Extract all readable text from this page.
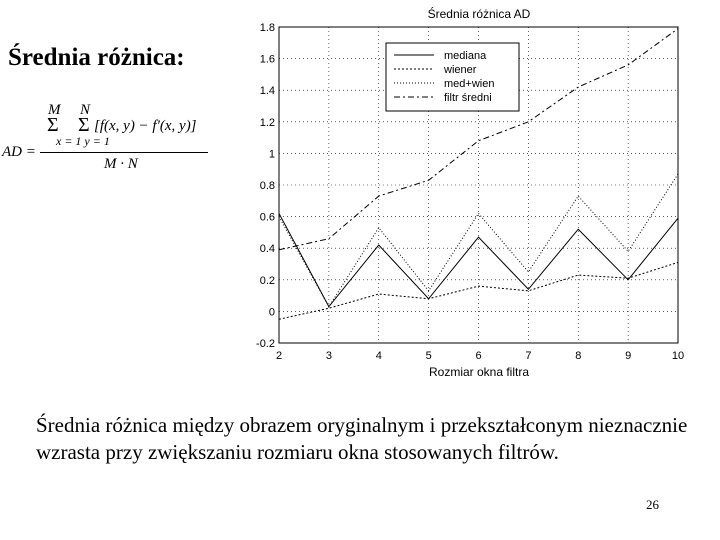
Średnia różnica:
M N
Σ Σ [f(x, y) − f′(x, y)]
x = 1 y = 1
AD =
M · N
-0.2
0
0.2
0.4
0.6
0.8
1
1.2
1.4
1.6
1.8
2	3	4	5	6	7	8	9	10
Średnia różnica AD
Rozmiar okna filtra
mediana
wiener
med+wien
filtr średni
Średnia różnica między obrazem oryginalnym i przekształconym nieznacznie wzrasta przy zwiększaniu rozmiaru okna stosowanych filtrów.
26
